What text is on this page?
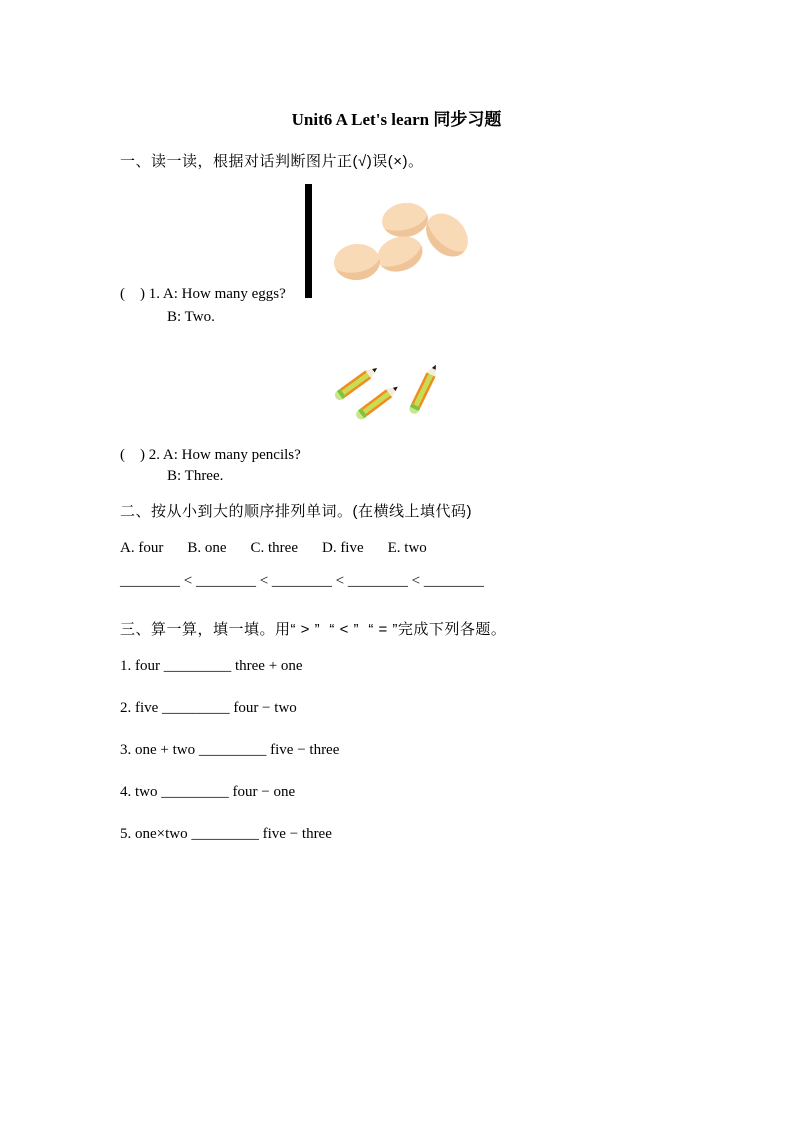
Unit6 A Let's learn 同步习题
一、读一读，根据对话判断图片正(√)误(×)。
(　) 1. A: How many eggs?
B: Two.
(　) 2. A: How many pencils?
B: Three.
二、按从小到大的顺序排列单词。(在横线上填代码)
A. four B. one C. three D. five E. two
________ < ________ < ________ < ________ < ________
三、算一算，填一填。用“ > ”  “ < ”  “ = ”完成下列各题。
1. four _________ three + one
2. five _________ four − two
3. one + two _________ five − three
4. two _________ four − one
5. one×two _________ five − three
